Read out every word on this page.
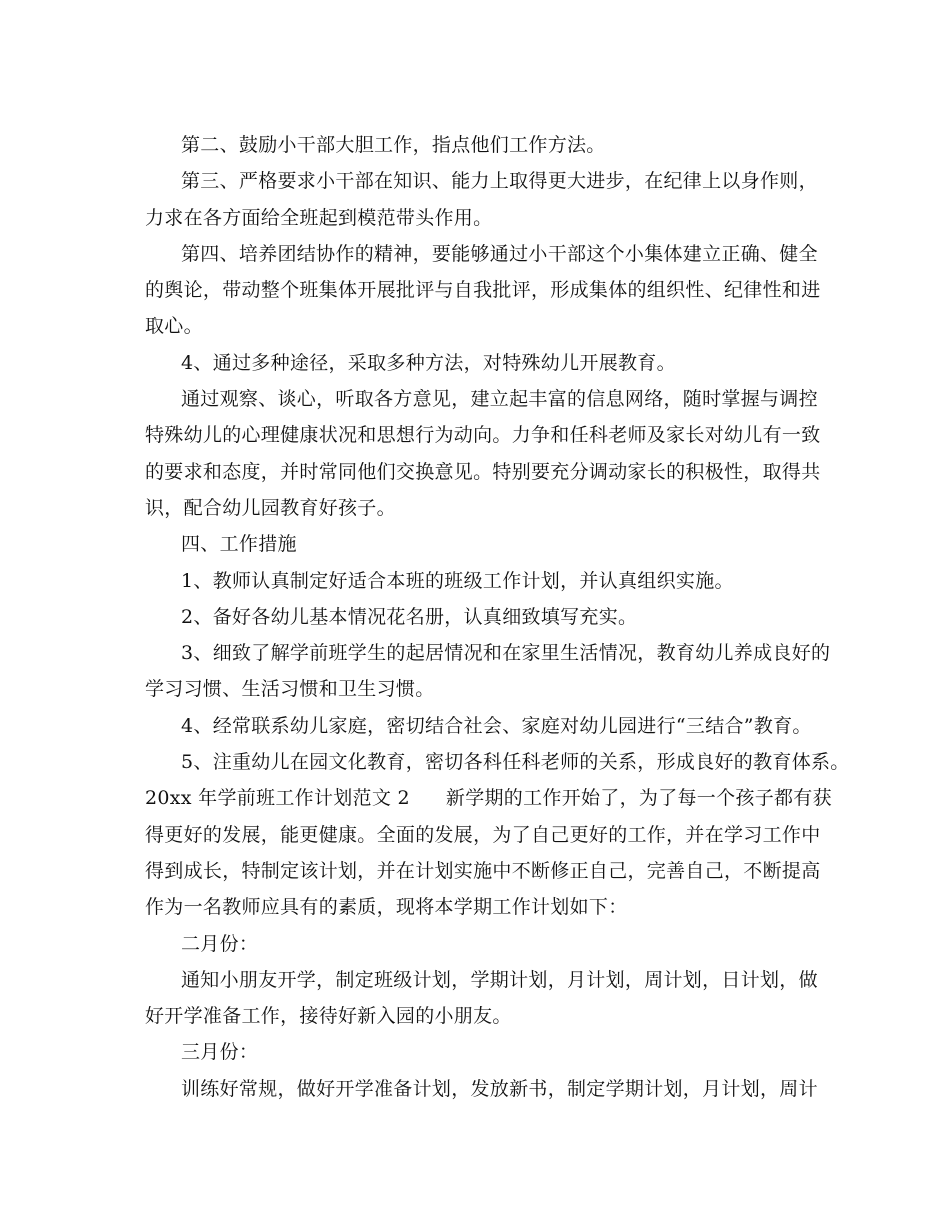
第二、鼓励小干部大胆工作，指点他们工作方法。
第三、严格要求小干部在知识、能力上取得更大进步，在纪律上以身作则，
力求在各方面给全班起到模范带头作用。
第四、培养团结协作的精神，要能够通过小干部这个小集体建立正确、健全
的舆论，带动整个班集体开展批评与自我批评，形成集体的组织性、纪律性和进
取心。
4、通过多种途径，采取多种方法，对特殊幼儿开展教育。
通过观察、谈心，听取各方意见，建立起丰富的信息网络，随时掌握与调控
特殊幼儿的心理健康状况和思想行为动向。力争和任科老师及家长对幼儿有一致
的要求和态度，并时常同他们交换意见。特别要充分调动家长的积极性，取得共
识，配合幼儿园教育好孩子。
四、工作措施
1、教师认真制定好适合本班的班级工作计划，并认真组织实施。
2、备好各幼儿基本情况花名册，认真细致填写充实。
3、细致了解学前班学生的起居情况和在家里生活情况，教育幼儿养成良好的
学习习惯、生活习惯和卫生习惯。
4、经常联系幼儿家庭，密切结合社会、家庭对幼儿园进行“三结合”教育。
5、注重幼儿在园文化教育，密切各科任科老师的关系，形成良好的教育体系。
20xx 年学前班工作计划范文 2 新学期的工作开始了，为了每一个孩子都有获
得更好的发展，能更健康。全面的发展，为了自己更好的工作，并在学习工作中
得到成长，特制定该计划，并在计划实施中不断修正自己，完善自己，不断提高
作为一名教师应具有的素质，现将本学期工作计划如下：
二月份：
通知小朋友开学，制定班级计划，学期计划，月计划，周计划，日计划，做
好开学准备工作，接待好新入园的小朋友。
三月份：
训练好常规，做好开学准备计划，发放新书，制定学期计划，月计划，周计
